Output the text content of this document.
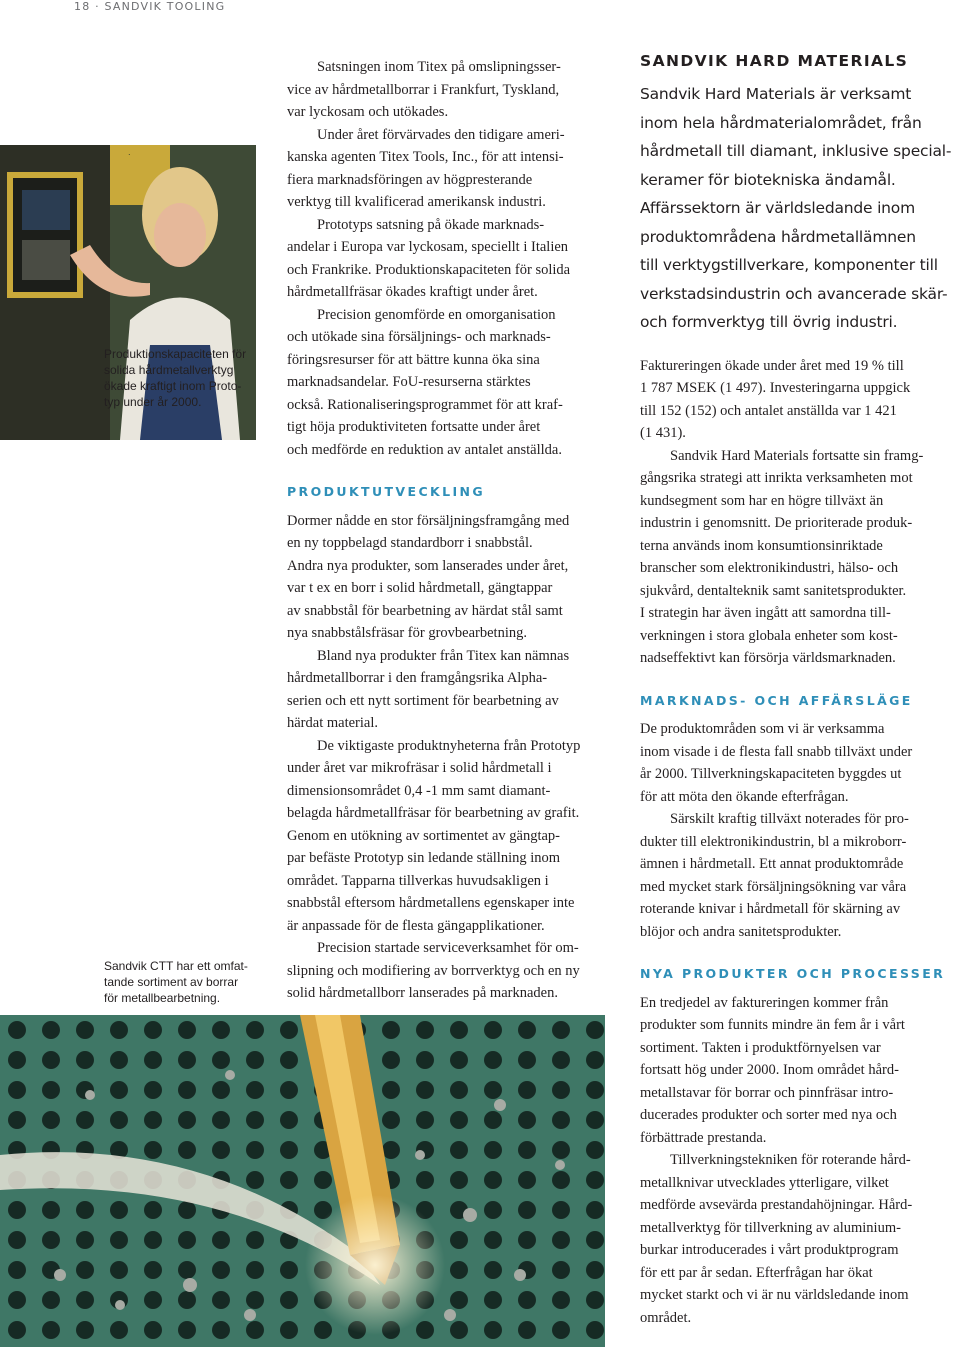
18 · SANDVIK TOOLING
.
Produktionskapaciteten för
solida hårdmetallverktyg
ökade kraftigt inom Proto-
typ under år 2000.
Sandvik CTT har ett omfat-
tande sortiment av borrar
för metallbearbetning.

Satsningen inom Titex på omslipningsser-
vice av hårdmetallborrar i Frankfurt, Tyskland,
var lyckosam och utökades.

Under året förvärvades den tidigare ameri-
kanska agenten Titex Tools, Inc., för att intensi-
fiera marknadsföringen av högpresterande
verktyg till kvalificerad amerikansk industri.

Prototyps satsning på ökade marknads-
andelar i Europa var lyckosam, speciellt i Italien
och Frankrike. Produktionskapaciteten för solida
hårdmetallfräsar ökades kraftigt under året.

Precision genomförde en omorganisation
och utökade sina försäljnings- och marknads-
föringsresurser för att bättre kunna öka sina
marknadsandelar. FoU-resurserna stärktes
också. Rationaliseringsprogrammet för att kraf-
tigt höja produktiviteten fortsatte under året
och medförde en reduktion av antalet anställda.

PRODUKTUTVECKLING

Dormer nådde en stor försäljningsframgång med
en ny toppbelagd standardborr i snabbstål.
Andra nya produkter, som lanserades under året,
var t ex en borr i solid hårdmetall, gängtappar
av snabbstål för bearbetning av härdat stål samt
nya snabbstålsfräsar för grovbearbetning.

Bland nya produkter från Titex kan nämnas
hårdmetallborrar i den framgångsrika Alpha-
serien och ett nytt sortiment för bearbetning av
härdat material.

De viktigaste produktnyheterna från Prototyp
under året var mikrofräsar i solid hårdmetall i
dimensionsområdet 0,4 -1 mm samt diamant-
belagda hårdmetallfräsar för bearbetning av grafit.
Genom en utökning av sortimentet av gängtap-
par befäste Prototyp sin ledande ställning inom
området. Tapparna tillverkas huvudsakligen i
snabbstål eftersom hårdmetallens egenskaper inte
är anpassade för de flesta gängapplikationer.

Precision startade serviceverksamhet för om-
slipning och modifiering av borrverktyg och en ny
solid hårdmetallborr lanserades på marknaden.

SANDVIK HARD MATERIALS

Sandvik Hard Materials är verksamt
inom hela hårdmaterialområdet, från
hårdmetall till diamant, inklusive special-
keramer för biotekniska ändamål.
Affärssektorn är världsledande inom
produktområdena hårdmetallämnen
till verktygstillverkare, komponenter till
verkstadsindustrin och avancerade skär-
och formverktyg till övrig industri.

Faktureringen ökade under året med 19 % till
1 787 MSEK (1 497). Investeringarna uppgick
till 152 (152) och antalet anställda var 1 421
(1 431).

Sandvik Hard Materials fortsatte sin framg-
gångsrika strategi att inrikta verksamheten mot
kundsegment som har en högre tillväxt än
industrin i genomsnitt. De prioriterade produk-
terna används inom konsumtionsinriktade
branscher som elektronikindustri, hälso- och
sjukvård, dentalteknik samt sanitetsprodukter.
I strategin har även ingått att samordna till-
verkningen i stora globala enheter som kost-
nadseffektivt kan försörja världsmarknaden.

MARKNADS- OCH AFFÄRSLÄGE

De produktområden som vi är verksamma
inom visade i de flesta fall snabb tillväxt under
år 2000. Tillverkningskapaciteten byggdes ut
för att möta den ökande efterfrågan.

Särskilt kraftig tillväxt noterades för pro-
dukter till elektronikindustrin, bl a mikroborr-
ämnen i hårdmetall. Ett annat produktområde
med mycket stark försäljningsökning var våra
roterande knivar i hårdmetall för skärning av
blöjor och andra sanitetsprodukter.

NYA PRODUKTER OCH PROCESSER

En tredjedel av faktureringen kommer från
produkter som funnits mindre än fem år i vårt
sortiment. Takten i produktförnyelsen var
fortsatt hög under 2000. Inom området hård-
metallstavar för borrar och pinnfräsar intro-
ducerades produkter och sorter med nya och
förbättrade prestanda.

Tillverkningstekniken för roterande hård-
metallknivar utvecklades ytterligare, vilket
medförde avsevärda prestandahöjningar. Hård-
metallverktyg för tillverkning av aluminium-
burkar introducerades i vårt produktprogram
för ett par år sedan. Efterfrågan har ökat
mycket starkt och vi är nu världsledande inom
området.
